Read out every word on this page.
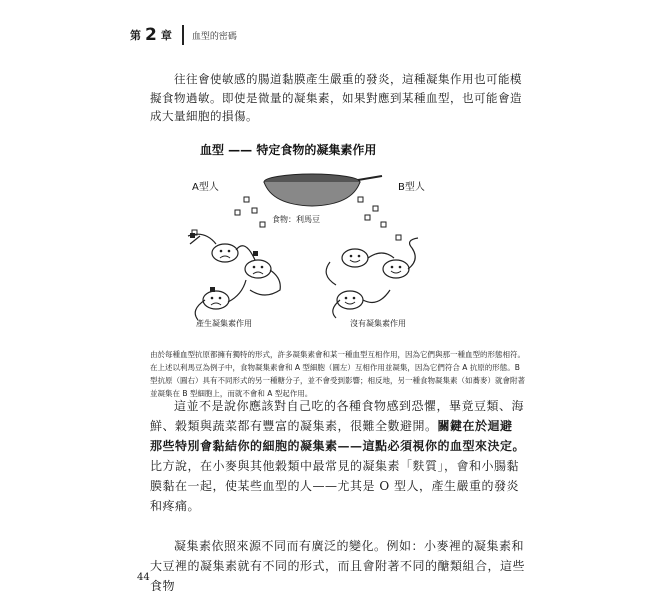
第 2 章 血型的密碼
往往會使敏感的腸道黏膜產生嚴重的發炎，這種凝集作用也可能模擬食物過敏。即使是微量的凝集素，如果對應到某種血型，也可能會造成大量細胞的損傷。
血型 —— 特定食物的凝集素作用
A型人	B型人
食物：利馬豆
產生凝集素作用	沒有凝集素作用
由於每種血型抗原都擁有獨特的形式，許多凝集素會和某一種血型互相作用，因為它們與那一種血型的形態相符。在上述以利馬豆為例子中，食物凝集素會和 A 型細胞（圓左）互相作用並凝集，因為它們符合 A 抗原的形態。B 型抗原（圓右）具有不同形式的另一種糖分子，並不會受到影響；相反地，另一種食物凝集素（如蕎麥）就會附著並凝集在 B 型細胞上，而就不會和 A 型起作用。
這並不是說你應該對自己吃的各種食物感到恐懼，畢竟豆類、海鮮、穀類與蔬菜都有豐富的凝集素，很難全數避開。關鍵在於迴避那些特別會黏結你的細胞的凝集素——這點必須視你的血型來決定。比方說，在小麥與其他穀類中最常見的凝集素「麩質」，會和小腸黏膜黏在一起，使某些血型的人——尤其是 O 型人，產生嚴重的發炎和疼痛。
凝集素依照來源不同而有廣泛的變化。例如：小麥裡的凝集素和大豆裡的凝集素就有不同的形式，而且會附著不同的醣類組合，這些食物
44
